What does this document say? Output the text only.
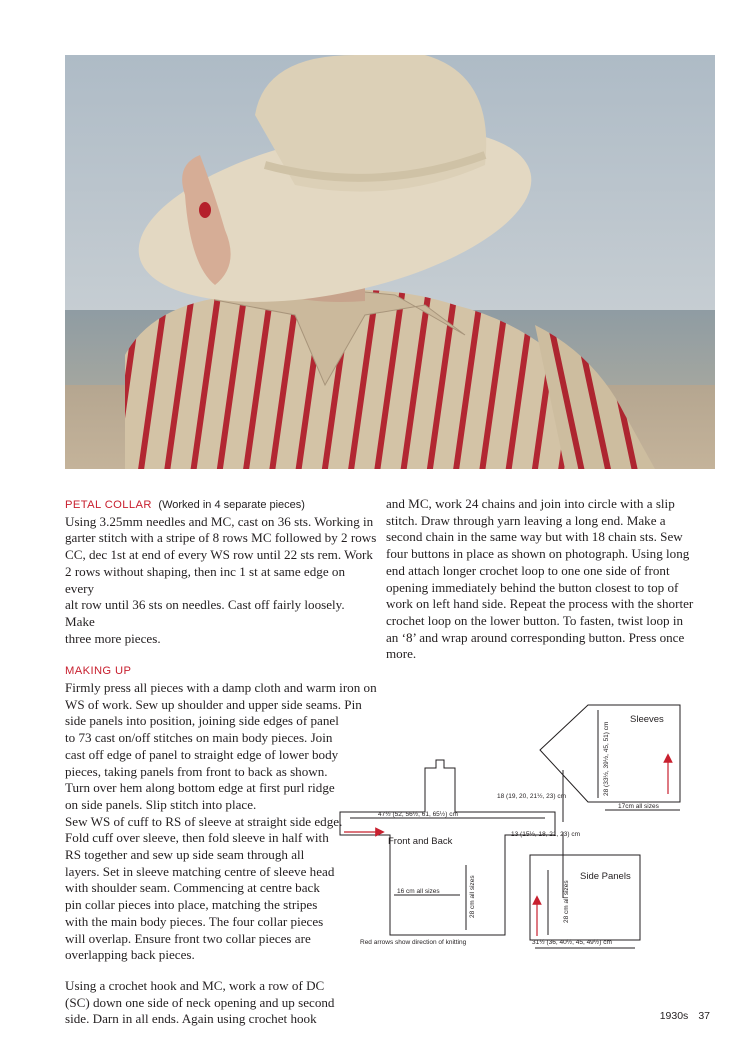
PETAL COLLAR (Worked in 4 separate pieces)

Using 3.25mm needles and MC, cast on 36 sts. Working in

garter stitch with a stripe of 8 rows MC followed by 2 rows

CC, dec 1st at end of every WS row until 22 sts rem. Work

2 rows without shaping, then inc 1 st at same edge on every

alt row until 36 sts on needles. Cast off fairly loosely. Make

three more pieces.

MAKING UP

Firmly press all pieces with a damp cloth and warm iron on

WS of work. Sew up shoulder and upper side seams. Pin

side panels into position, joining side edges of panel

to 73 cast on/off stitches on main body pieces. Join

cast off edge of panel to straight edge of lower body

pieces, taking panels from front to back as shown.

Turn over hem along bottom edge at first purl ridge

on side panels. Slip stitch into place.

Sew WS of cuff to RS of sleeve at straight side edge.

Fold cuff over sleeve, then fold sleeve in half with

RS together and sew up side seam through all

layers. Set in sleeve matching centre of sleeve head

with shoulder seam. Commencing at centre back

pin collar pieces into place, matching the stripes

with the main body pieces. The four collar pieces

will overlap. Ensure front two collar pieces are

overlapping back pieces.

Using a crochet hook and MC, work a row of DC

(SC) down one side of neck opening and up second

side. Darn in all ends. Again using crochet hook

and MC, work 24 chains and join into circle with a slip

stitch. Draw through yarn leaving a long end. Make a

second chain in the same way but with 18 chain sts. Sew

four buttons in place as shown on photograph. Using long

end attach longer crochet loop to one one side of front

opening immediately behind the button closest to top of

work on left hand side. Repeat the process with the shorter

crochet loop on the lower button. To fasten, twist loop in

an ‘8’ and wrap around corresponding button. Press once

more.

Sleeves
28 (33½, 39½, 45, 51) cm
17cm all sizes
Front and Back
47½ (52, 56½, 61, 65½) cm
18 (19, 20, 21½, 23) cm
13 (15½, 18, 21, 23) cm
16 cm all sizes	28 cm all sizes	Side Panels
28 cm all sizes
31½ (36, 40½, 45, 49½) cm
Red arrows show direction of knitting
1930s 37
